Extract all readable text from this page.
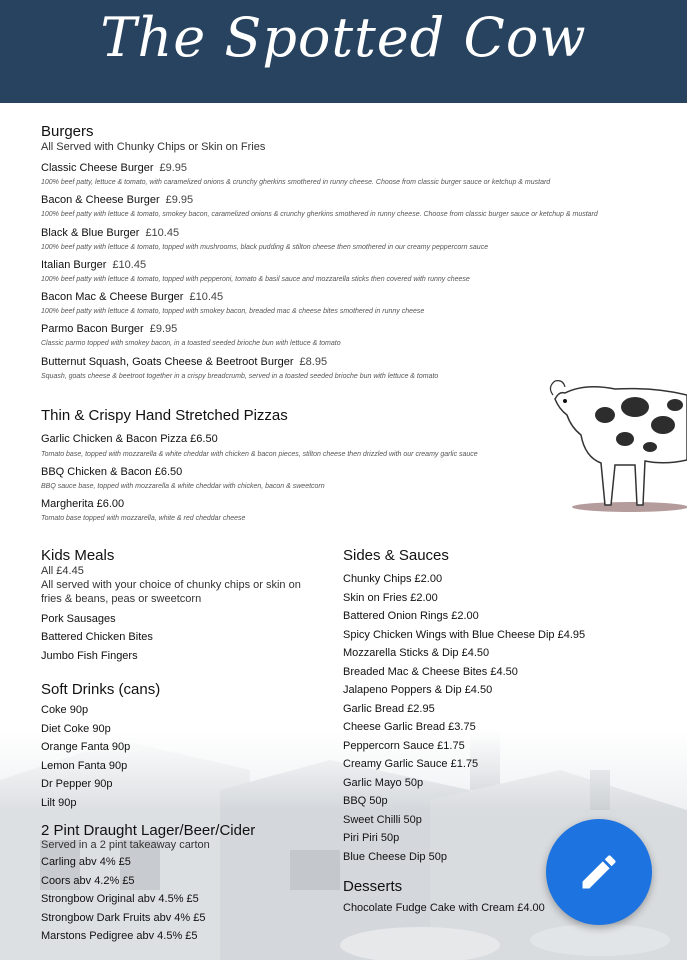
The Spotted Cow
Burgers
All Served with Chunky Chips or Skin on Fries
Classic Cheese Burger £9.95
100% beef patty, lettuce & tomato, with caramelized onions & crunchy gherkins smothered in runny cheese. Choose from classic burger sauce or ketchup & mustard
Bacon & Cheese Burger £9.95
100% beef patty with lettuce & tomato, smokey bacon, caramelized onions & crunchy gherkins smothered in runny cheese. Choose from classic burger sauce or ketchup & mustard
Black & Blue Burger £10.45
100% beef patty with lettuce & tomato, topped with mushrooms, black pudding & stilton cheese then smothered in our creamy peppercorn sauce
Italian Burger £10.45
100% beef patty with lettuce & tomato, topped with pepperoni, tomato & basil sauce and mozzarella sticks then covered with runny cheese
Bacon Mac & Cheese Burger £10.45
100% beef patty with lettuce & tomato, topped with smokey bacon, breaded mac & cheese bites smothered in runny cheese
Parmo Bacon Burger £9.95
Classic parmo topped with smokey bacon, in a toasted seeded brioche bun with lettuce & tomato
Butternut Squash, Goats Cheese & Beetroot Burger £8.95
Squash, goats cheese & beetroot together in a crispy breadcrumb, served in a toasted seeded brioche bun with lettuce & tomato
Thin & Crispy Hand Stretched Pizzas
Garlic Chicken & Bacon Pizza £6.50
Tomato base, topped with mozzarella & white cheddar with chicken & bacon pieces, stilton cheese then drizzled with our creamy garlic sauce
BBQ Chicken & Bacon £6.50
BBQ sauce base, topped with mozzarella & white cheddar with chicken, bacon & sweetcorn
Margherita £6.00
Tomato base topped with mozzarella, white & red cheddar cheese
Kids Meals
All £4.45
All served with your choice of chunky chips or skin on fries & beans, peas or sweetcorn
Pork Sausages
Battered Chicken Bites
Jumbo Fish Fingers
Soft Drinks (cans)
Coke 90p
Diet Coke 90p
Orange Fanta 90p
Lemon Fanta 90p
Dr Pepper 90p
Lilt 90p
2 Pint Draught Lager/Beer/Cider
Served in a 2 pint takeaway carton
Carling abv 4% £5
Coors abv 4.2% £5
Strongbow Original abv 4.5% £5
Strongbow Dark Fruits abv 4% £5
Marstons Pedigree abv 4.5% £5
Sides & Sauces
Chunky Chips £2.00
Skin on Fries £2.00
Battered Onion Rings £2.00
Spicy Chicken Wings with Blue Cheese Dip £4.95
Mozzarella Sticks & Dip £4.50
Breaded Mac & Cheese Bites £4.50
Jalapeno Poppers & Dip £4.50
Garlic Bread £2.95
Cheese Garlic Bread £3.75
Peppercorn Sauce £1.75
Creamy Garlic Sauce £1.75
Garlic Mayo 50p
BBQ 50p
Sweet Chilli 50p
Piri Piri 50p
Blue Cheese Dip 50p
Desserts
Chocolate Fudge Cake with Cream £4.00
